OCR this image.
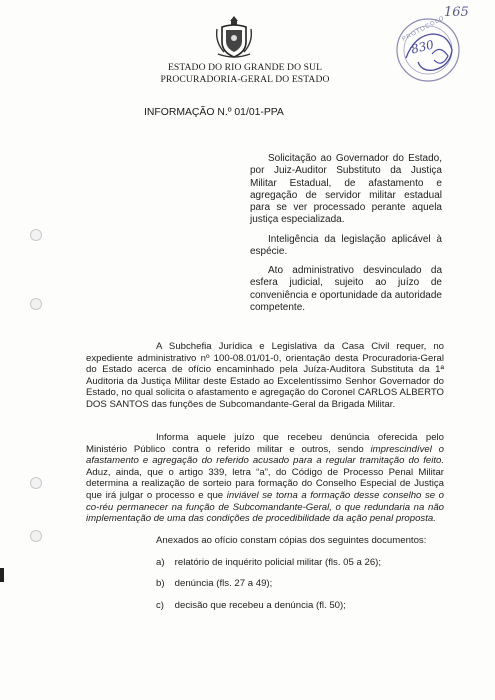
ESTADO DO RIO GRANDE DO SUL
PROCURADORIA-GERAL DO ESTADO
165
PROTOCOLO
830
INFORMAÇÃO N.º 01/01-PPA

Solicitação ao Governador do Estado, por Juiz-Auditor Substituto da Justiça Militar Estadual, de afastamento e agregação de servidor militar estadual para se ver processado perante aquela justiça especializada.

Inteligência da legislação aplicável à espécie.

Ato administrativo desvinculado da esfera judicial, sujeito ao juízo de conveniência e oportunidade da autoridade competente.

A Subchefia Jurídica e Legislativa da Casa Civil requer, no expediente administrativo nº 100-08.01/01-0, orientação desta Procuradoria-Geral do Estado acerca de ofício encaminhado pela Juíza-Auditora Substituta da 1ª Auditoria da Justiça Militar deste Estado ao Excelentíssimo Senhor Governador do Estado, no qual solicita o afastamento e agregação do Coronel CARLOS ALBERTO DOS SANTOS das funções de Subcomandante-Geral da Brigada Militar.

Informa aquele juízo que recebeu denúncia oferecida pelo Ministério Público contra o referido militar e outros, sendo imprescindível o afastamento e agregação do referido acusado para a regular tramitação do feito. Aduz, ainda, que o artigo 339, letra “a”, do Código de Processo Penal Militar determina a realização de sorteio para formação do Conselho Especial de Justiça que irá julgar o processo e que inviável se torna a formação desse conselho se o co-réu permanecer na função de Subcomandante-Geral, o que redundaria na não implementação de uma das condições de procedibilidade da ação penal proposta.

Anexados ao ofício constam cópias dos seguintes documentos:

a) relatório de inquérito policial militar (fls. 05 a 26);
b) denúncia (fls. 27 a 49);
c) decisão que recebeu a denúncia (fl. 50);
